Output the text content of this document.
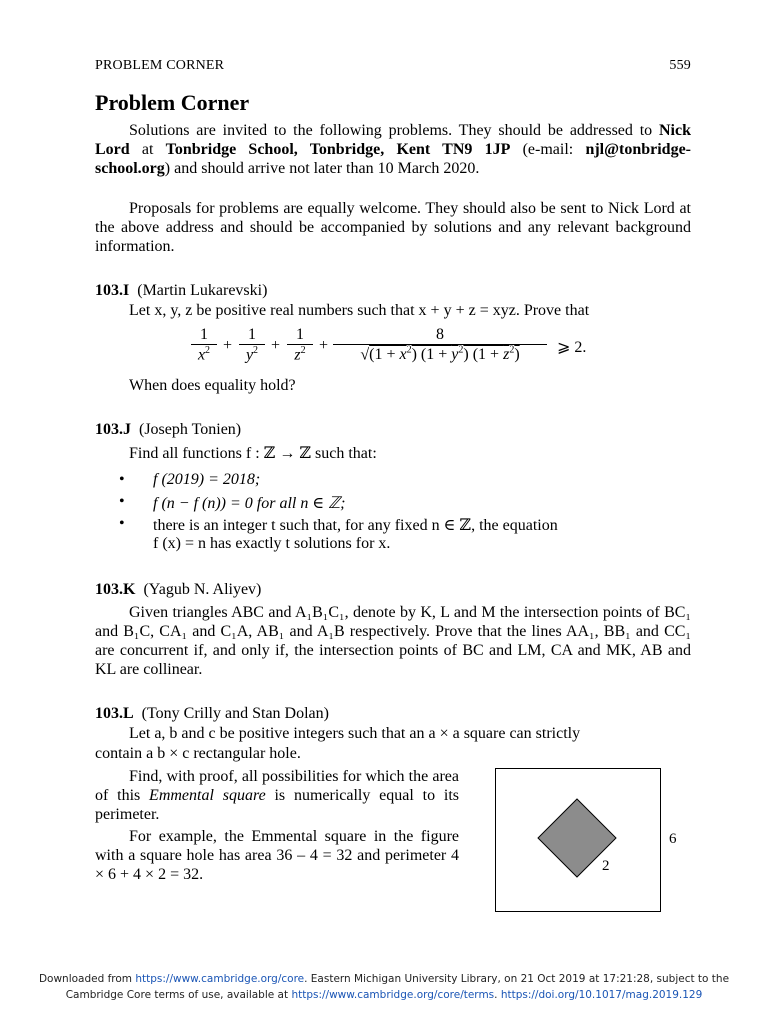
PROBLEM CORNER	559
Problem Corner
Solutions are invited to the following problems. They should be addressed to Nick Lord at Tonbridge School, Tonbridge, Kent TN9 1JP (e-mail: njl@tonbridge-school.org) and should arrive not later than 10 March 2020.
Proposals for problems are equally welcome. They should also be sent to Nick Lord at the above address and should be accompanied by solutions and any relevant background information.
103.I (Martin Lukarevski)
Let x, y, z be positive real numbers such that x + y + z = xyz. Prove that
$\frac{1}{x^2} + \frac{1}{y^2} + \frac{1}{z^2} + \frac{8}{√(1 + x^2) (1 + y^2) (1 + z^2)}$ ⩾ 2.
When does equality hold?
103.J (Joseph Tonien)
Find all functions f : ℤ → ℤ such that:
• f (2019) = 2018;
• f (n − f (n)) = 0 for all n ∈ ℤ;
• there is an integer t such that, for any fixed n ∈ ℤ, the equation
f (x) = n has exactly t solutions for x.
103.K (Yagub N. Aliyev)
Given triangles ABC and A₁B₁C₁, denote by K, L and M the intersection points of BC₁ and B₁C, CA₁ and C₁A, AB₁ and A₁B respectively. Prove that the lines AA₁, BB₁ and CC₁ are concurrent if, and only if, the intersection points of BC and LM, CA and MK, AB and KL are collinear.
103.L (Tony Crilly and Stan Dolan)
Let a, b and c be positive integers such that an a × a square can strictly
contain a b × c rectangular hole.
Find, with proof, all possibilities for which the area of this Emmental square is numerically equal to its perimeter.
For example, the Emmental square in the figure with a square hole has area 36 – 4 = 32 and perimeter 4 × 6 + 4 × 2 = 32.
6
2
Downloaded from https://www.cambridge.org/core. Eastern Michigan University Library, on 21 Oct 2019 at 17:21:28, subject to the
Cambridge Core terms of use, available at https://www.cambridge.org/core/terms. https://doi.org/10.1017/mag.2019.129
